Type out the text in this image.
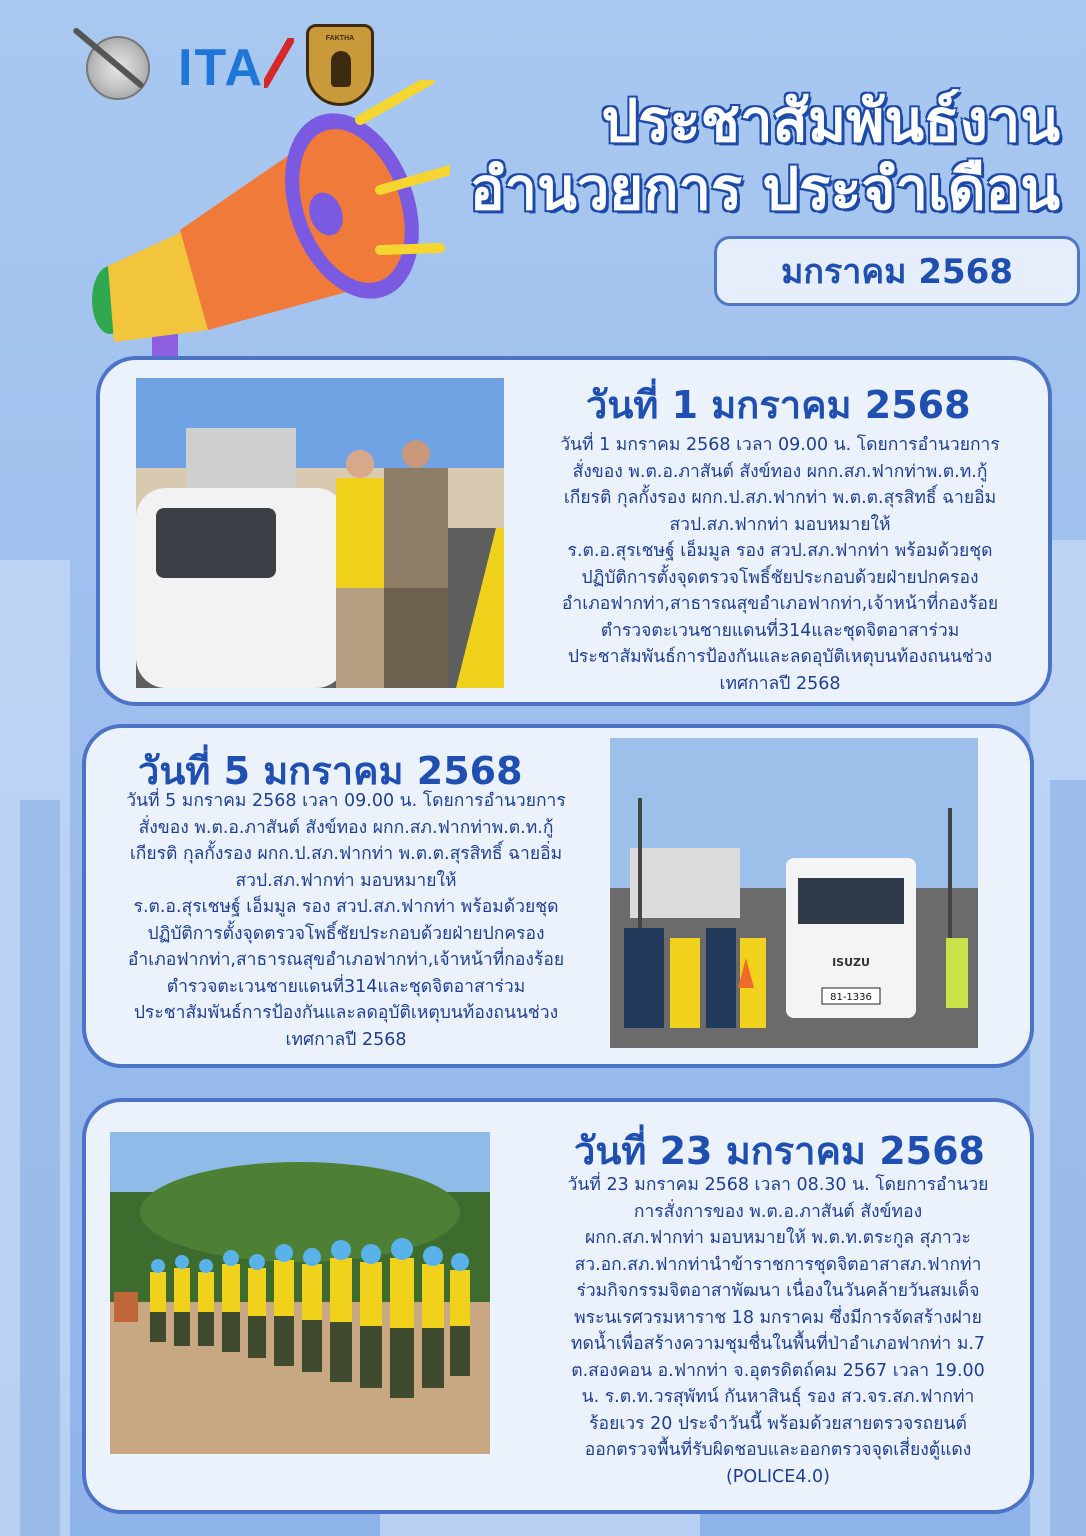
ITA
FAKTHA
ประชาสัมพันธ์งาน
อำนวยการ ประจำเดือน
มกราคม 2568
วันที่ 1 มกราคม 2568
วันที่ 1 มกราคม 2568 เวลา 09.00 น. โดยการอำนวยการ
สั่งของ พ.ต.อ.ภาสันต์ สังข์ทอง ผกก.สภ.ฟากท่าพ.ต.ท.กู้
เกียรติ กุลกั้งรอง ผกก.ป.สภ.ฟากท่า พ.ต.ต.สุรสิทธิ์ ฉายอิ่ม
สวป.สภ.ฟากท่า มอบหมายให้
ร.ต.อ.สุรเชษฐ์ เอ็มมูล รอง สวป.สภ.ฟากท่า พร้อมด้วยชุด
ปฏิบัติการตั้งจุดตรวจโพธิ์ชัยประกอบด้วยฝ่ายปกครอง
อำเภอฟากท่า,สาธารณสุขอำเภอฟากท่า,เจ้าหน้าที่กองร้อย
ตำรวจตะเวนชายแดนที่314และชุดจิตอาสาร่วม
ประชาสัมพันธ์การป้องกันและลดอุบัติเหตุบนท้องถนนช่วง
เทศกาลปี 2568
วันที่ 5 มกราคม 2568
วันที่ 5 มกราคม 2568 เวลา 09.00 น. โดยการอำนวยการ
สั่งของ พ.ต.อ.ภาสันต์ สังข์ทอง ผกก.สภ.ฟากท่าพ.ต.ท.กู้
เกียรติ กุลกั้งรอง ผกก.ป.สภ.ฟากท่า พ.ต.ต.สุรสิทธิ์ ฉายอิ่ม
สวป.สภ.ฟากท่า มอบหมายให้
ร.ต.อ.สุรเชษฐ์ เอ็มมูล รอง สวป.สภ.ฟากท่า พร้อมด้วยชุด
ปฏิบัติการตั้งจุดตรวจโพธิ์ชัยประกอบด้วยฝ่ายปกครอง
อำเภอฟากท่า,สาธารณสุขอำเภอฟากท่า,เจ้าหน้าที่กองร้อย
ตำรวจตะเวนชายแดนที่314และชุดจิตอาสาร่วม
ประชาสัมพันธ์การป้องกันและลดอุบัติเหตุบนท้องถนนช่วง
เทศกาลปี 2568
ISUZU
81-1336
วันที่ 23 มกราคม 2568
วันที่ 23 มกราคม 2568 เวลา 08.30 น. โดยการอำนวย
การสั่งการของ พ.ต.อ.ภาสันต์ สังข์ทอง
ผกก.สภ.ฟากท่า มอบหมายให้ พ.ต.ท.ตระกูล สุภาวะ
สว.อก.สภ.ฟากท่านำข้าราชการชุดจิตอาสาสภ.ฟากท่า
ร่วมกิจกรรมจิตอาสาพัฒนา เนื่องในวันคล้ายวันสมเด็จ
พระนเรศวรมหาราช 18 มกราคม ซึ่งมีการจัดสร้างฝาย
ทดน้ำเพื่อสร้างความชุมชื่นในพื้นที่ป่าอำเภอฟากท่า ม.7
ต.สองคอน อ.ฟากท่า จ.อุตรดิตถ์คม 2567 เวลา 19.00
น. ร.ต.ท.วรสุพัทน์ กันหาสินธุ์ รอง สว.จร.สภ.ฟากท่า
ร้อยเวร 20 ประจำวันนี้ พร้อมด้วยสายตรวจรถยนต์
ออกตรวจพื้นที่รับผิดชอบและออกตรวจจุดเสี่ยงตู้แดง
(POLICE4.0)
